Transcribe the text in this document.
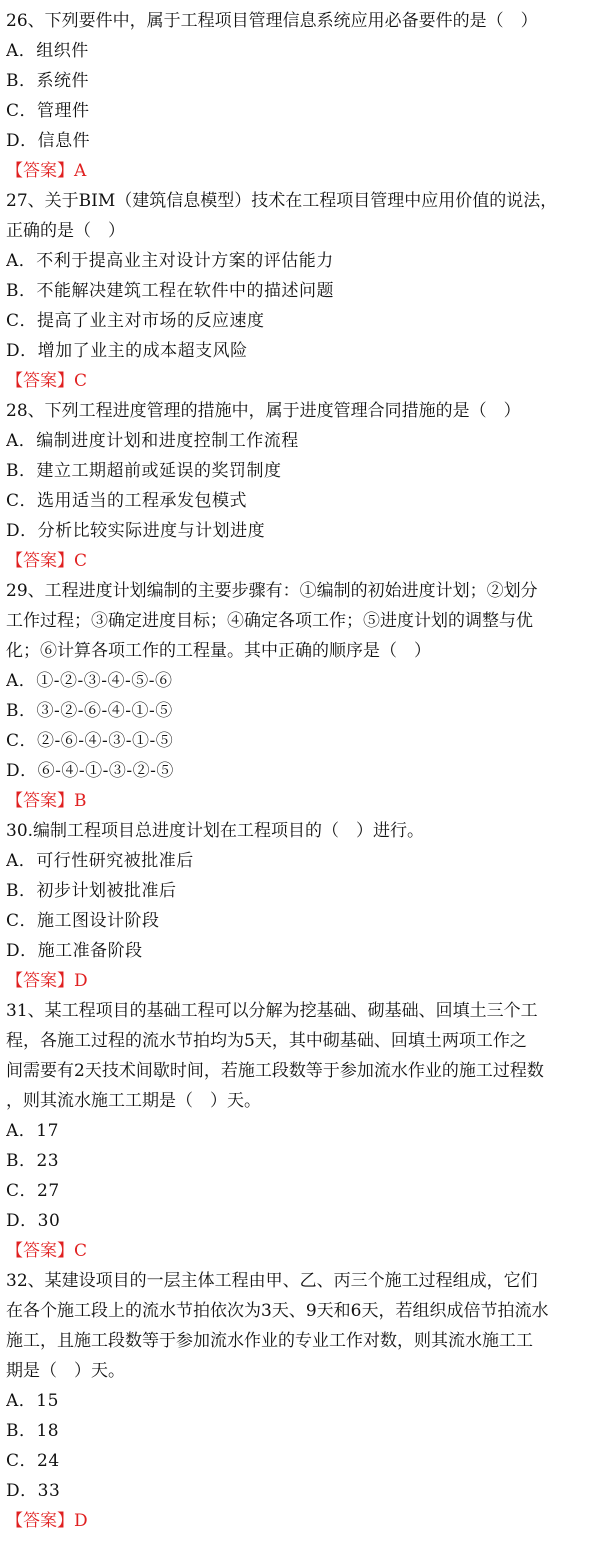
26、下列要件中，属于工程项目管理信息系统应用必备要件的是（　）
A．组织件
B．系统件
C．管理件
D．信息件
【答案】A
27、关于BIM（建筑信息模型）技术在工程项目管理中应用价值的说法，
正确的是（　）
A．不利于提高业主对设计方案的评估能力
B．不能解决建筑工程在软件中的描述问题
C．提高了业主对市场的反应速度
D．增加了业主的成本超支风险
【答案】C
28、下列工程进度管理的措施中，属于进度管理合同措施的是（　）
A．编制进度计划和进度控制工作流程
B．建立工期超前或延误的奖罚制度
C．选用适当的工程承发包模式
D．分析比较实际进度与计划进度
【答案】C
29、工程进度计划编制的主要步骤有：①编制的初始进度计划；②划分
工作过程；③确定进度目标；④确定各项工作；⑤进度计划的调整与优
化；⑥计算各项工作的工程量。其中正确的顺序是（　）
A．①-②-③-④-⑤-⑥
B．③-②-⑥-④-①-⑤
C．②-⑥-④-③-①-⑤
D．⑥-④-①-③-②-⑤
【答案】B
30.编制工程项目总进度计划在工程项目的（　）进行。
A．可行性研究被批准后
B．初步计划被批准后
C．施工图设计阶段
D．施工准备阶段
【答案】D
31、某工程项目的基础工程可以分解为挖基础、砌基础、回填土三个工
程，各施工过程的流水节拍均为5天，其中砌基础、回填土两项工作之
间需要有2天技术间歇时间，若施工段数等于参加流水作业的施工过程数
，则其流水施工工期是（　）天。
A．17
B．23
C．27
D．30
【答案】C
32、某建设项目的一层主体工程由甲、乙、丙三个施工过程组成，它们
在各个施工段上的流水节拍依次为3天、9天和6天，若组织成倍节拍流水
施工，且施工段数等于参加流水作业的专业工作对数，则其流水施工工
期是（　）天。
A．15
B．18
C．24
D．33
【答案】D
